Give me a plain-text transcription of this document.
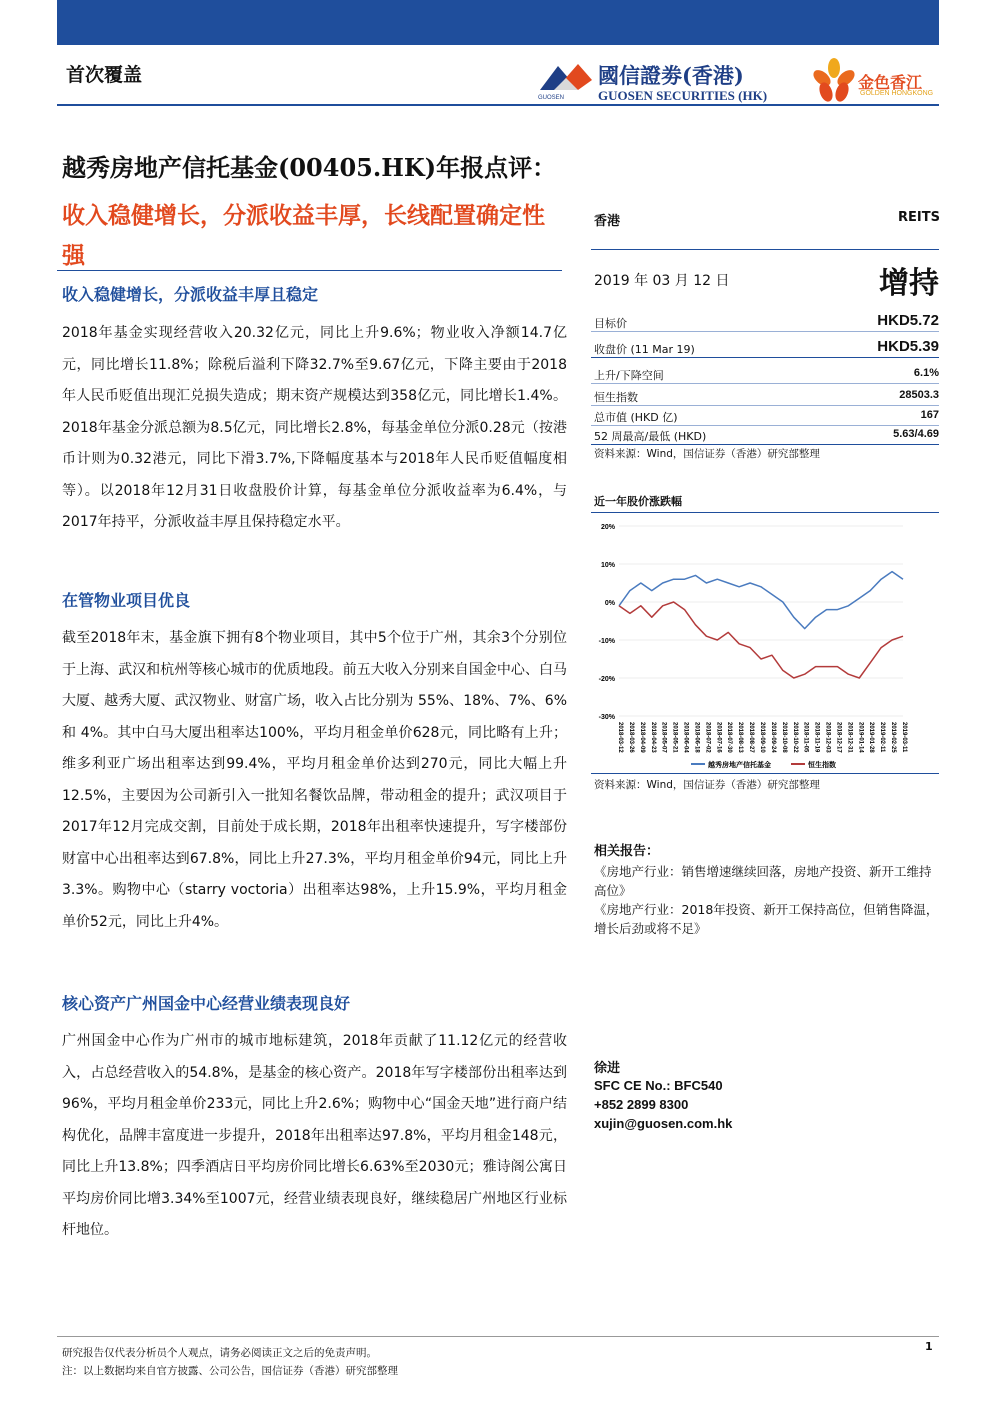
首次覆盖
GUOSEN
國信證劵(香港)
GUOSEN SECURITIES (HK)
金色香江
GOLDEN HONGKONG
越秀房地产信托基金(00405.HK)年报点评：
收入稳健增长，分派收益丰厚，长线配置确定性强
收入稳健增长，分派收益丰厚且稳定
2018年基金实现经营收入20.32亿元，同比上升9.6%；物业收入净额14.7亿元，同比增长11.8%；除税后溢利下降32.7%至9.67亿元，下降主要由于2018年人民币贬值出现汇兑损失造成；期末资产规模达到358亿元，同比增长1.4%。2018年基金分派总额为8.5亿元，同比增长2.8%，每基金单位分派0.28元（按港币计则为0.32港元，同比下滑3.7%,下降幅度基本与2018年人民币贬值幅度相等）。以2018年12月31日收盘股价计算，每基金单位分派收益率为6.4%，与2017年持平，分派收益丰厚且保持稳定水平。
在管物业项目优良
截至2018年末，基金旗下拥有8个物业项目，其中5个位于广州，其余3个分别位于上海、武汉和杭州等核心城市的优质地段。前五大收入分别来自国金中心、白马大厦、越秀大厦、武汉物业、财富广场，收入占比分别为 55%、18%、7%、6%和 4%。其中白马大厦出租率达100%，平均月租金单价628元，同比略有上升；维多利亚广场出租率达到99.4%，平均月租金单价达到270元，同比大幅上升12.5%，主要因为公司新引入一批知名餐饮品牌，带动租金的提升；武汉项目于2017年12月完成交割，目前处于成长期，2018年出租率快速提升，写字楼部份财富中心出租率达到67.8%，同比上升27.3%，平均月租金单价94元，同比上升3.3%。购物中心（starry voctoria）出租率达98%，上升15.9%，平均月租金单价52元，同比上升4%。
核心资产广州国金中心经营业绩表现良好
广州国金中心作为广州市的城市地标建筑，2018年贡献了11.12亿元的经营收入，占总经营收入的54.8%，是基金的核心资产。2018年写字楼部份出租率达到96%，平均月租金单价233元，同比上升2.6%；购物中心“国金天地”进行商户结构优化，品牌丰富度进一步提升，2018年出租率达97.8%，平均月租金148元，同比上升13.8%；四季酒店日平均房价同比增长6.63%至2030元；雅诗阁公寓日平均房价同比增3.34%至1007元，经营业绩表现良好，继续稳居广州地区行业标杆地位。
香港	REITS
2019 年 03 月 12 日	增持
目标价	HKD5.72
收盘价 (11 Mar 19)	HKD5.39
上升/下降空间	6.1%
恒生指数	28503.3
总市值 (HKD 亿)	167
52 周最高/最低 (HKD)	5.63/4.69
资料来源：Wind，国信证券（香港）研究部整理
近一年股价涨跌幅
20%
10%
0%
-10%
-20%
-30%
2018-03-12 2018-03-26 2018-04-09 2018-04-23 2018-05-07 2018-05-21 2018-06-04 2018-06-18 2018-07-02 2018-07-16 2018-07-30 2018-08-13 2018-08-27 2018-09-10 2018-09-24 2018-10-08 2018-10-22 2018-11-05 2018-11-19 2018-12-03 2018-12-17 2018-12-31 2019-01-14 2019-01-28 2019-02-11 2019-02-25 2019-03-11
越秀房地产信托基金	恒生指数
资料来源：Wind，国信证券（香港）研究部整理
相关报告：
《房地产行业：销售增速继续回落，房地产投资、新开工维持高位》
《房地产行业：2018年投资、新开工保持高位，但销售降温，增长后劲或将不足》
徐进
SFC CE No.: BFC540
+852 2899 8300
xujin@guosen.com.hk
研究报告仅代表分析员个人观点，请务必阅读正文之后的免责声明。
注：以上数据均来自官方披露、公司公告，国信证券（香港）研究部整理
1
